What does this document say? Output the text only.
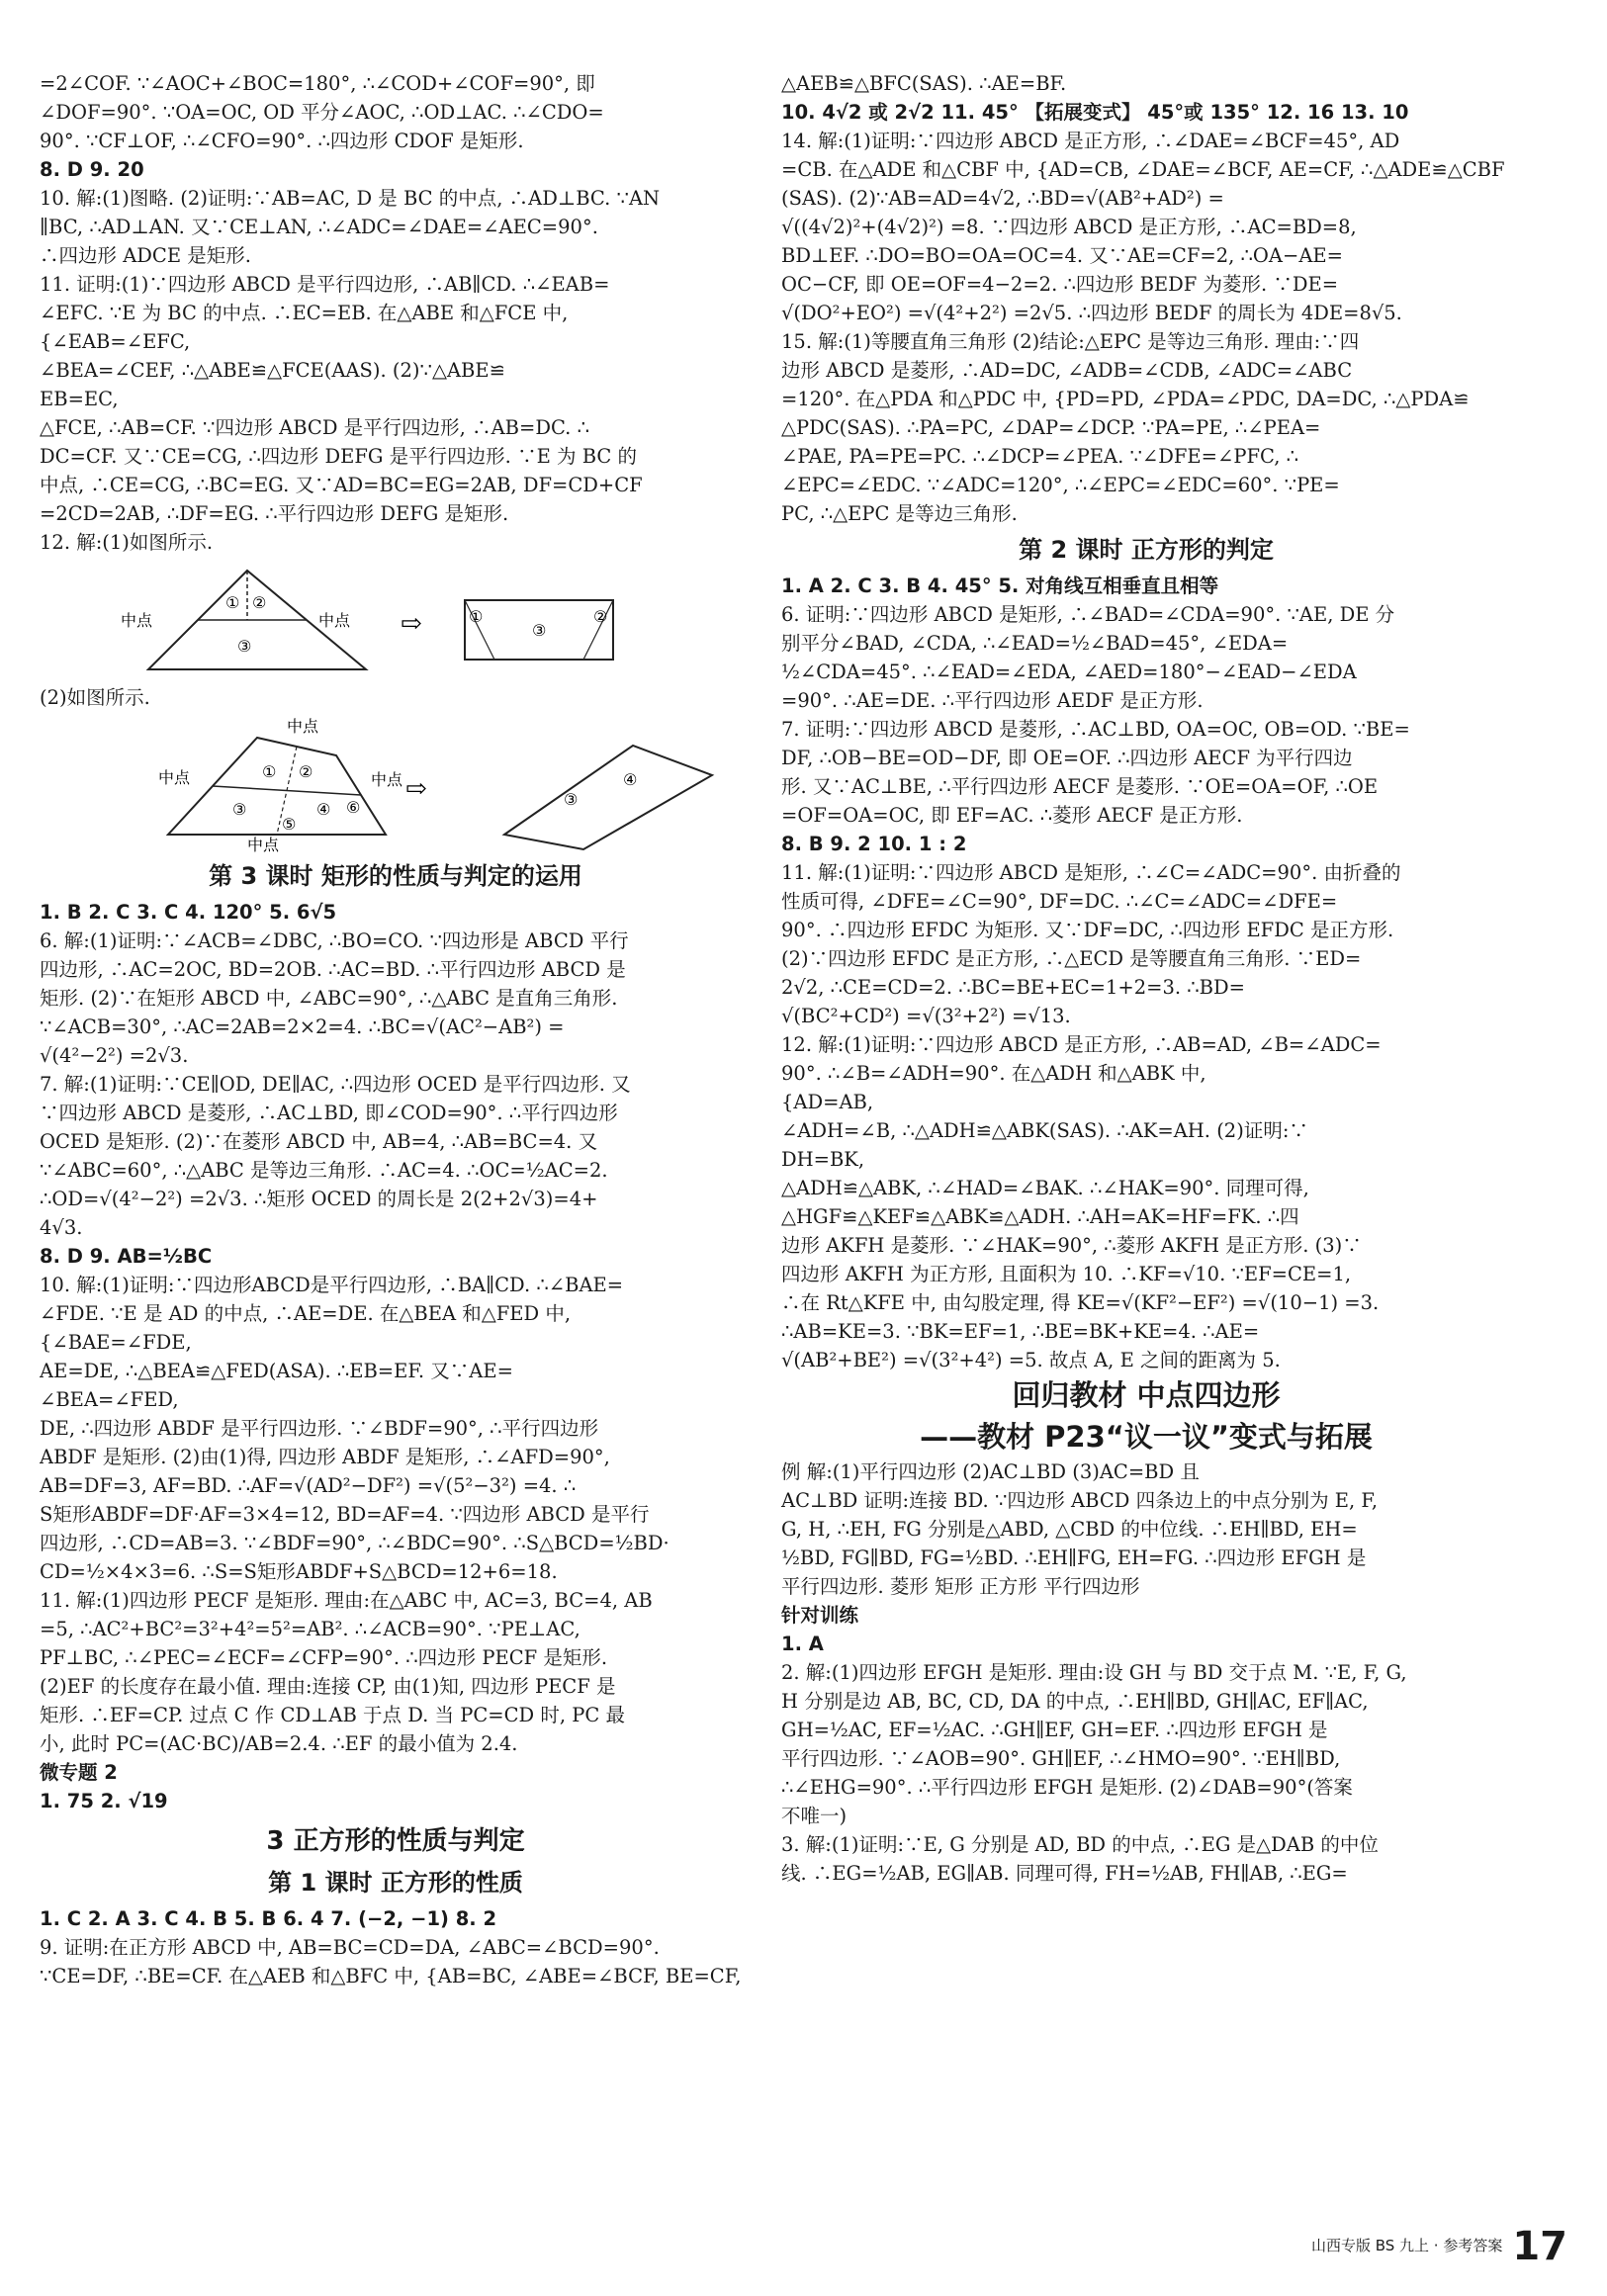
=2∠COF. ∵∠AOC+∠BOC=180°, ∴∠COD+∠COF=90°, 即
∠DOF=90°. ∵OA=OC, OD 平分∠AOC, ∴OD⊥AC. ∴∠CDO=
90°. ∵CF⊥OF, ∴∠CFO=90°. ∴四边形 CDOF 是矩形.
8. D 9. 20
10. 解:(1)图略. (2)证明:∵AB=AC, D 是 BC 的中点, ∴AD⊥BC. ∵AN
∥BC, ∴AD⊥AN. 又∵CE⊥AN, ∴∠ADC=∠DAE=∠AEC=90°.
∴四边形 ADCE 是矩形.
11. 证明:(1)∵四边形 ABCD 是平行四边形, ∴AB∥CD. ∴∠EAB=
∠EFC. ∵E 为 BC 的中点. ∴EC=EB. 在△ABE 和△FCE 中,
{∠EAB=∠EFC,
∠BEA=∠CEF, ∴△ABE≌△FCE(AAS). (2)∵△ABE≌
EB=EC,
△FCE, ∴AB=CF. ∵四边形 ABCD 是平行四边形, ∴AB=DC. ∴
DC=CF. 又∵CE=CG, ∴四边形 DEFG 是平行四边形. ∵E 为 BC 的
中点, ∴CE=CG, ∴BC=EG. 又∵AD=BC=EG=2AB, DF=CD+CF
=2CD=2AB, ∴DF=EG. ∴平行四边形 DEFG 是矩形.
12. 解:(1)如图所示.
中点	中点
③
① ②
⇨	①
③
②
(2)如图所示.
中点
中点	中点
中点
① ②
③	④
⑤
⑥
⇨	③
④
第 3 课时 矩形的性质与判定的运用
1. B 2. C 3. C 4. 120° 5. 6√5
6. 解:(1)证明:∵∠ACB=∠DBC, ∴BO=CO. ∵四边形是 ABCD 平行
四边形, ∴AC=2OC, BD=2OB. ∴AC=BD. ∴平行四边形 ABCD 是
矩形. (2)∵在矩形 ABCD 中, ∠ABC=90°, ∴△ABC 是直角三角形.
∵∠ACB=30°, ∴AC=2AB=2×2=4. ∴BC=√(AC²−AB²) =
√(4²−2²) =2√3.
7. 解:(1)证明:∵CE∥OD, DE∥AC, ∴四边形 OCED 是平行四边形. 又
∵四边形 ABCD 是菱形, ∴AC⊥BD, 即∠COD=90°. ∴平行四边形
OCED 是矩形. (2)∵在菱形 ABCD 中, AB=4, ∴AB=BC=4. 又
∵∠ABC=60°, ∴△ABC 是等边三角形. ∴AC=4. ∴OC=½AC=2.
∴OD=√(4²−2²) =2√3. ∴矩形 OCED 的周长是 2(2+2√3)=4+
4√3.
8. D 9. AB=½BC
10. 解:(1)证明:∵四边形ABCD是平行四边形, ∴BA∥CD. ∴∠BAE=
∠FDE. ∵E 是 AD 的中点, ∴AE=DE. 在△BEA 和△FED 中,
{∠BAE=∠FDE,
AE=DE, ∴△BEA≌△FED(ASA). ∴EB=EF. 又∵AE=
∠BEA=∠FED,
DE, ∴四边形 ABDF 是平行四边形. ∵∠BDF=90°, ∴平行四边形
ABDF 是矩形. (2)由(1)得, 四边形 ABDF 是矩形, ∴∠AFD=90°,
AB=DF=3, AF=BD. ∴AF=√(AD²−DF²) =√(5²−3²) =4. ∴
S矩形ABDF=DF·AF=3×4=12, BD=AF=4. ∵四边形 ABCD 是平行
四边形, ∴CD=AB=3. ∵∠BDF=90°, ∴∠BDC=90°. ∴S△BCD=½BD·
CD=½×4×3=6. ∴S=S矩形ABDF+S△BCD=12+6=18.
11. 解:(1)四边形 PECF 是矩形. 理由:在△ABC 中, AC=3, BC=4, AB
=5, ∴AC²+BC²=3²+4²=5²=AB². ∴∠ACB=90°. ∵PE⊥AC,
PF⊥BC, ∴∠PEC=∠ECF=∠CFP=90°. ∴四边形 PECF 是矩形.
(2)EF 的长度存在最小值. 理由:连接 CP, 由(1)知, 四边形 PECF 是
矩形. ∴EF=CP. 过点 C 作 CD⊥AB 于点 D. 当 PC=CD 时, PC 最
小, 此时 PC=(AC·BC)/AB=2.4. ∴EF 的最小值为 2.4.
微专题 2
1. 75 2. √19
3 正方形的性质与判定
第 1 课时 正方形的性质
1. C 2. A 3. C 4. B 5. B 6. 4 7. (−2, −1) 8. 2
9. 证明:在正方形 ABCD 中, AB=BC=CD=DA, ∠ABC=∠BCD=90°.
∵CE=DF, ∴BE=CF. 在△AEB 和△BFC 中, {AB=BC, ∠ABE=∠BCF, BE=CF,
△AEB≌△BFC(SAS). ∴AE=BF.
10. 4√2 或 2√2 11. 45° 【拓展变式】 45°或 135° 12. 16 13. 10
14. 解:(1)证明:∵四边形 ABCD 是正方形, ∴∠DAE=∠BCF=45°, AD
=CB. 在△ADE 和△CBF 中, {AD=CB, ∠DAE=∠BCF, AE=CF, ∴△ADE≌△CBF
(SAS). (2)∵AB=AD=4√2, ∴BD=√(AB²+AD²) =
√((4√2)²+(4√2)²) =8. ∵四边形 ABCD 是正方形, ∴AC=BD=8,
BD⊥EF. ∴DO=BO=OA=OC=4. 又∵AE=CF=2, ∴OA−AE=
OC−CF, 即 OE=OF=4−2=2. ∴四边形 BEDF 为菱形. ∵DE=
√(DO²+EO²) =√(4²+2²) =2√5. ∴四边形 BEDF 的周长为 4DE=8√5.
15. 解:(1)等腰直角三角形 (2)结论:△EPC 是等边三角形. 理由:∵四
边形 ABCD 是菱形, ∴AD=DC, ∠ADB=∠CDB, ∠ADC=∠ABC
=120°. 在△PDA 和△PDC 中, {PD=PD, ∠PDA=∠PDC, DA=DC, ∴△PDA≌
△PDC(SAS). ∴PA=PC, ∠DAP=∠DCP. ∵PA=PE, ∴∠PEA=
∠PAE, PA=PE=PC. ∴∠DCP=∠PEA. ∵∠DFE=∠PFC, ∴
∠EPC=∠EDC. ∵∠ADC=120°, ∴∠EPC=∠EDC=60°. ∵PE=
PC, ∴△EPC 是等边三角形.
第 2 课时 正方形的判定
1. A 2. C 3. B 4. 45° 5. 对角线互相垂直且相等
6. 证明:∵四边形 ABCD 是矩形, ∴∠BAD=∠CDA=90°. ∵AE, DE 分
别平分∠BAD, ∠CDA, ∴∠EAD=½∠BAD=45°, ∠EDA=
½∠CDA=45°. ∴∠EAD=∠EDA, ∠AED=180°−∠EAD−∠EDA
=90°. ∴AE=DE. ∴平行四边形 AEDF 是正方形.
7. 证明:∵四边形 ABCD 是菱形, ∴AC⊥BD, OA=OC, OB=OD. ∵BE=
DF, ∴OB−BE=OD−DF, 即 OE=OF. ∴四边形 AECF 为平行四边
形. 又∵AC⊥BE, ∴平行四边形 AECF 是菱形. ∵OE=OA=OF, ∴OE
=OF=OA=OC, 即 EF=AC. ∴菱形 AECF 是正方形.
8. B 9. 2 10. 1 : 2
11. 解:(1)证明:∵四边形 ABCD 是矩形, ∴∠C=∠ADC=90°. 由折叠的
性质可得, ∠DFE=∠C=90°, DF=DC. ∴∠C=∠ADC=∠DFE=
90°. ∴四边形 EFDC 为矩形. 又∵DF=DC, ∴四边形 EFDC 是正方形.
(2)∵四边形 EFDC 是正方形, ∴△ECD 是等腰直角三角形. ∵ED=
2√2, ∴CE=CD=2. ∴BC=BE+EC=1+2=3. ∴BD=
√(BC²+CD²) =√(3²+2²) =√13.
12. 解:(1)证明:∵四边形 ABCD 是正方形, ∴AB=AD, ∠B=∠ADC=
90°. ∴∠B=∠ADH=90°. 在△ADH 和△ABK 中,
{AD=AB,
∠ADH=∠B, ∴△ADH≌△ABK(SAS). ∴AK=AH. (2)证明:∵
DH=BK,
△ADH≌△ABK, ∴∠HAD=∠BAK. ∴∠HAK=90°. 同理可得,
△HGF≌△KEF≌△ABK≌△ADH. ∴AH=AK=HF=FK. ∴四
边形 AKFH 是菱形. ∵∠HAK=90°, ∴菱形 AKFH 是正方形. (3)∵
四边形 AKFH 为正方形, 且面积为 10. ∴KF=√10. ∵EF=CE=1,
∴在 Rt△KFE 中, 由勾股定理, 得 KE=√(KF²−EF²) =√(10−1) =3.
∴AB=KE=3. ∵BK=EF=1, ∴BE=BK+KE=4. ∴AE=
√(AB²+BE²) =√(3²+4²) =5. 故点 A, E 之间的距离为 5.
回归教材 中点四边形
——教材 P23“议一议”变式与拓展
例 解:(1)平行四边形 (2)AC⊥BD (3)AC=BD 且
AC⊥BD 证明:连接 BD. ∵四边形 ABCD 四条边上的中点分别为 E, F,
G, H, ∴EH, FG 分别是△ABD, △CBD 的中位线. ∴EH∥BD, EH=
½BD, FG∥BD, FG=½BD. ∴EH∥FG, EH=FG. ∴四边形 EFGH 是
平行四边形. 菱形 矩形 正方形 平行四边形
针对训练
1. A
2. 解:(1)四边形 EFGH 是矩形. 理由:设 GH 与 BD 交于点 M. ∵E, F, G,
H 分别是边 AB, BC, CD, DA 的中点, ∴EH∥BD, GH∥AC, EF∥AC,
GH=½AC, EF=½AC. ∴GH∥EF, GH=EF. ∴四边形 EFGH 是
平行四边形. ∵∠AOB=90°. GH∥EF, ∴∠HMO=90°. ∵EH∥BD,
∴∠EHG=90°. ∴平行四边形 EFGH 是矩形. (2)∠DAB=90°(答案
不唯一)
3. 解:(1)证明:∵E, G 分别是 AD, BD 的中点, ∴EG 是△DAB 的中位
线. ∴EG=½AB, EG∥AB. 同理可得, FH=½AB, FH∥AB, ∴EG=
山西专版 BS 九上 · 参考答案 17
